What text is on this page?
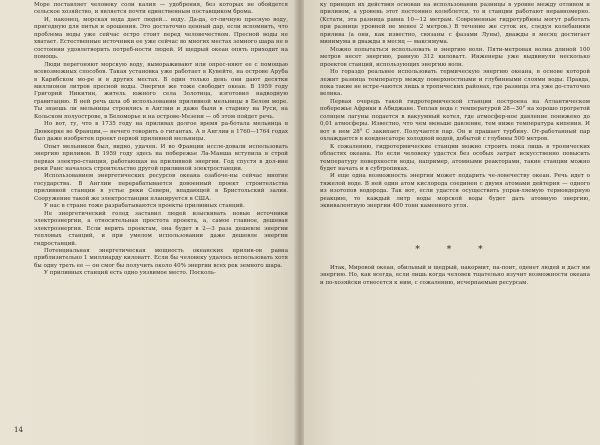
Море поставляет человеку соли калия — удобрения, без которых не обойдется сельское хозяйство, и является почти единственным поставщиком брома.

И, наконец, морская вода дает людей... воду. Да-да, от-личную пресную воду, пригодную для питья и орошения. Это достаточно ценный дар, если вспомнить, что проблема воды уже сейчас остро стоит перед человечеством. Пресной воды не хватает. Естественные источники ее уже сейчас во многих местах земного шара не в состоянии удовлетворить потреб-ности людей. И щедрый океан опять приходит на помощь.

Люди перегоняют морскую воду, вымораживают или опрес-няют ее с помощью всевозможных способов. Такая установка уже работает в Кувейте, на острове Аруба в Карибском мо-ре и в других местах. В один только день они дают десятки миллионов литров пресной воды. Энергия же тоже свободит океан. В 1959 году Григорий Никитин, житель южного села Золотица, изготовил надводную гравитацию. В ней речь шла об использовании приливной мельницы в Белом море. Ты знаешь ли мельницы строились в Англии и даже были в старину на Руси, на Кольском полуострове, в Беломорье и на острове-Мезени — об этом пойдет речь.

Но вот, ту, что в 1735 году на приливах долгое время ра-ботала мельница в Дюнкерке во Франции,— нечего говорить о гигантах. А в Англии в 1760—1764 годах был даже изобретен проект первой приливной мельницы.

Опыт мельников был, видно, удачен. И во Франции иссле-довали использовать энергию приливов. В 1959 году здесь на побережье Ла-Манша вступила в строй первая электро-станция, работающая на приливной энергии. Год спустя в дол-ине реки Ранс началось строительство другой приливной электростанции.

Использованием энергетических ресурсов океана озабоче-ны сейчас многие государства. В Англии перерабатывается довоенный проект строительства приливной станции в устье реки Северн, впадающей в Бристольский залив. Сооружение такой же электростанции планируется в США.

У нас в стране тоже разрабатываются проекты приливных станций.

Не энергетический голод заставил людей изыскивать новые источники электроэнергии, а относительная простота проекта, а, самое главное, дешевая электроэнергия. Если верить проектам, она будет в 2—3 раза дешевле энергии тепловых станций, и при умелом использовании даже дешевле энергии гидростанций.

Потенциальная энергетическая мощность океанских прилив-ов равна приблизительно 1 миллиарду киловатт. Если бы человеку удалось использовать хотя бы одну треть ее — он смог бы получить около 40% энергии всех рек земного шара.

У приливных станций есть одно уязвимое место. Посколь-

14

ку принцип их действия основан на использовании разницы в уровне между отливом и приливом, а уровень этот постоянно колеблется, то и станции работают неравномерно. (Кстати, эта разница равна 10—12 метрам. Современные гидротурбины могут работать при разнице уровней не менее 2 метров.) В течение же суток их, следуя колебаниям прилива (а они, как известно, связаны с фазами Луны), дважды в месяц достигает минимума и дважды в месяц — максимума.

Можно попытаться использовать и энергию волн. Пяти-метровая волна длиной 100 метров несет энергию, равную 312 киловатт. Инженеры уже выдвинули несколько проектов станций, использующих энергию волн.

Но гораздо реальнее использовать термическую энергию океана, в основе которой лежит разница температур между поверхностными и глубинными слоями воды. Правда, пока такие не встре-чаются лишь в тропических районах, где разница эта уже до-статочно велика.

Первая очередь такой гидротермической станции построена на Атлантическом побережье Африки в Абиджане. Теплая вода с температурой 28—30° на хорошо прогретой солнцем лагуны подается в вакуумный котел, где атмосфер-ное давление понижено до 0,01 атмосферы. Известно, что чем меньше давление, тем ниже температура кипения. И вот в нем 28° С закипает. Получается пар. Он и прашает турбину. От-работанный пар охлаждается в конденсаторе холодной водой, добытой с глубины 500 метров.

К сожалению, гидротермические станции можно строить пока лишь в тропических областях океана. Но если человеку удастся без особых затрат искусственно повысить температуру поверхности воды, например, атомными реакторами, такие станции можно будет начать и в субтропиках.

И еще одна возможность энергии может подарить че-ловечеству океан. Речь идет о тяжелой воде. В ней один атом кислорода соединен с двумя атомами дейтерия — одного из изотопов водорода. Так вот, если удастся осуществить управ-ляемую термоядерную реакцию, то каждый литр воды морской воды будет дать атомную энергию, эквивалентную энергии 400 тонн каменного угля.

* * *

Итак, Мировой океан, обильный и щедрый, накормит, на-поит, оденет людей и даст им энергию. Но, как всегда, если лишь когда человек тщательно изучит возможности океана и по-хозяйски отнесется к ним, с сожалению, исчерпаемым ресурсам.
